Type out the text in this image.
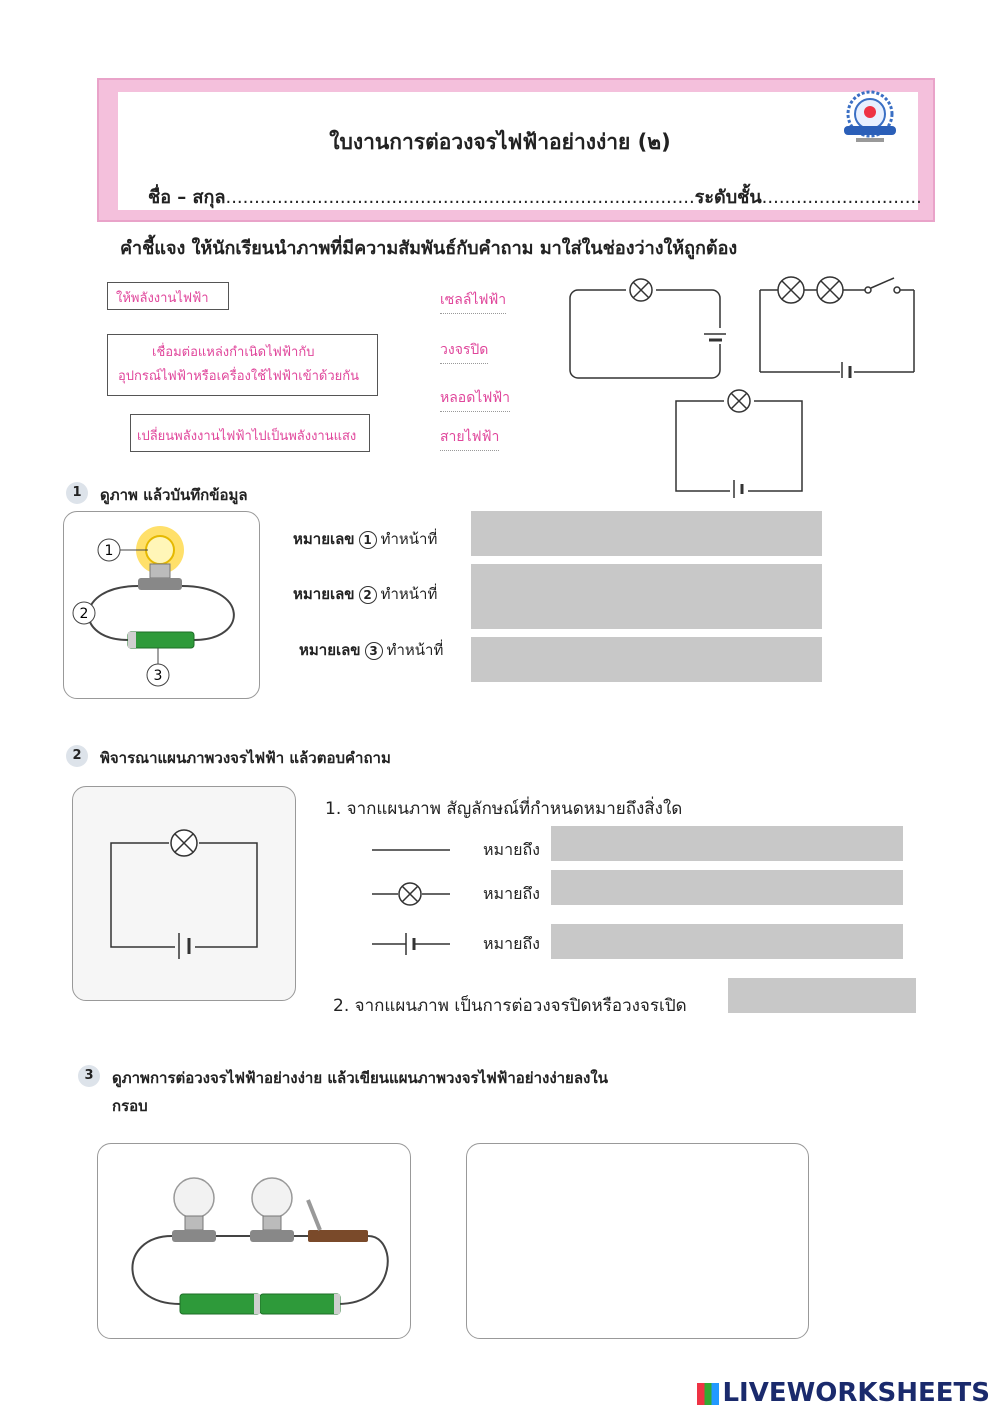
ใบงานการต่อวงจรไฟฟ้าอย่างง่าย (๒)
ชื่อ – สกุล..................................................................................ระดับชั้น............................
คำชี้แจง ให้นักเรียนนำภาพที่มีความสัมพันธ์กับคำถาม มาใส่ในช่องว่างให้ถูกต้อง
ให้พลังงานไฟฟ้า
เชื่อมต่อแหล่งกำเนิดไฟฟ้ากับ
อุปกรณ์ไฟฟ้าหรือเครื่องใช้ไฟฟ้าเข้าด้วยกัน
เปลี่ยนพลังงานไฟฟ้าไปเป็นพลังงานแสง
เซลล์ไฟฟ้า
วงจรปิด
หลอดไฟฟ้า
สายไฟฟ้า
1	ดูภาพ แล้วบันทึกข้อมูล
1
2
3
หมายเลข 1 ทำหน้าที่
หมายเลข 2 ทำหน้าที่
หมายเลข 3 ทำหน้าที่
2	พิจารณาแผนภาพวงจรไฟฟ้า แล้วตอบคำถาม
1. จากแผนภาพ สัญลักษณ์ที่กำหนดหมายถึงสิ่งใด
หมายถึง
หมายถึง
หมายถึง
2. จากแผนภาพ เป็นการต่อวงจรปิดหรือวงจรเปิด
3	ดูภาพการต่อวงจรไฟฟ้าอย่างง่าย แล้วเขียนแผนภาพวงจรไฟฟ้าอย่างง่ายลงใน
กรอบ
LIVEWORKSHEETS
